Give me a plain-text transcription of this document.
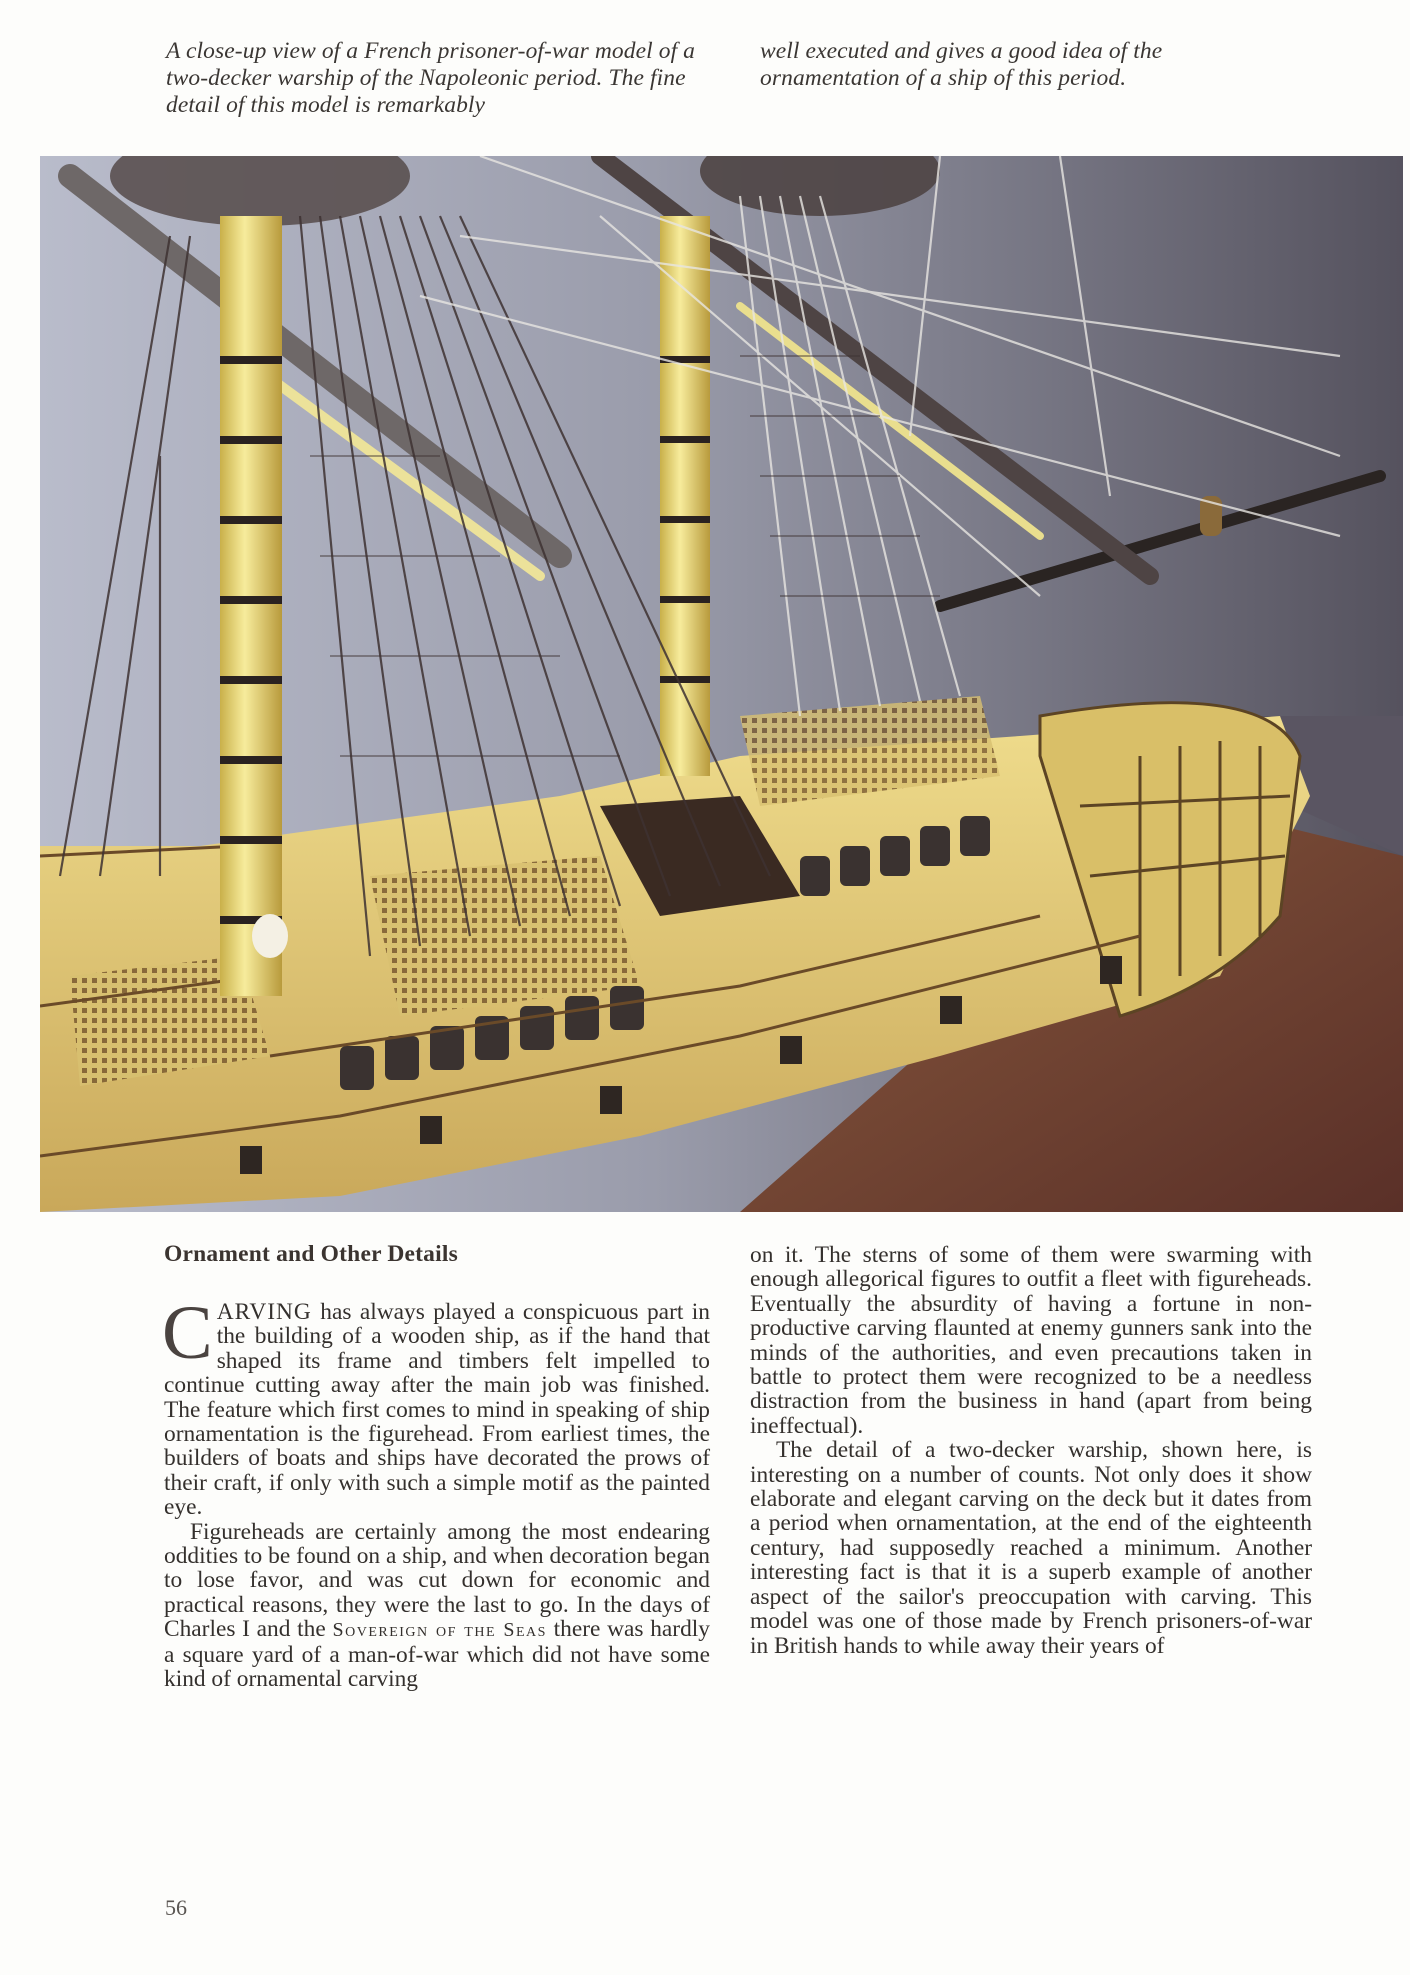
A close-up view of a French prisoner-of-war model of a two-decker warship of the Napoleonic period. The fine detail of this model is remarkably
well executed and gives a good idea of the ornamentation of a ship of this period.
Ornament and Other Details

CARVING has always played a conspicuous part in the building of a wooden ship, as if the hand that shaped its frame and timbers felt impelled to continue cutting away after the main job was finished. The feature which first comes to mind in speaking of ship ornamentation is the figurehead. From earliest times, the builders of boats and ships have decorated the prows of their craft, if only with such a simple motif as the painted eye.

Figureheads are certainly among the most endearing oddities to be found on a ship, and when decoration began to lose favor, and was cut down for economic and practical reasons, they were the last to go. In the days of Charles I and the Sovereign of the Seas there was hardly a square yard of a man-of-war which did not have some kind of ornamental carving

on it. The sterns of some of them were swarming with enough allegorical figures to outfit a fleet with figureheads. Eventually the absurdity of having a fortune in non-productive carving flaunted at enemy gunners sank into the minds of the authorities, and even precautions taken in battle to protect them were recognized to be a needless distraction from the business in hand (apart from being ineffectual).

The detail of a two-decker warship, shown here, is interesting on a number of counts. Not only does it show elaborate and elegant carving on the deck but it dates from a period when ornamentation, at the end of the eighteenth century, had supposedly reached a minimum. Another interesting fact is that it is a superb example of another aspect of the sailor's preoccupation with carving. This model was one of those made by French prisoners-of-war in British hands to while away their years of

56
